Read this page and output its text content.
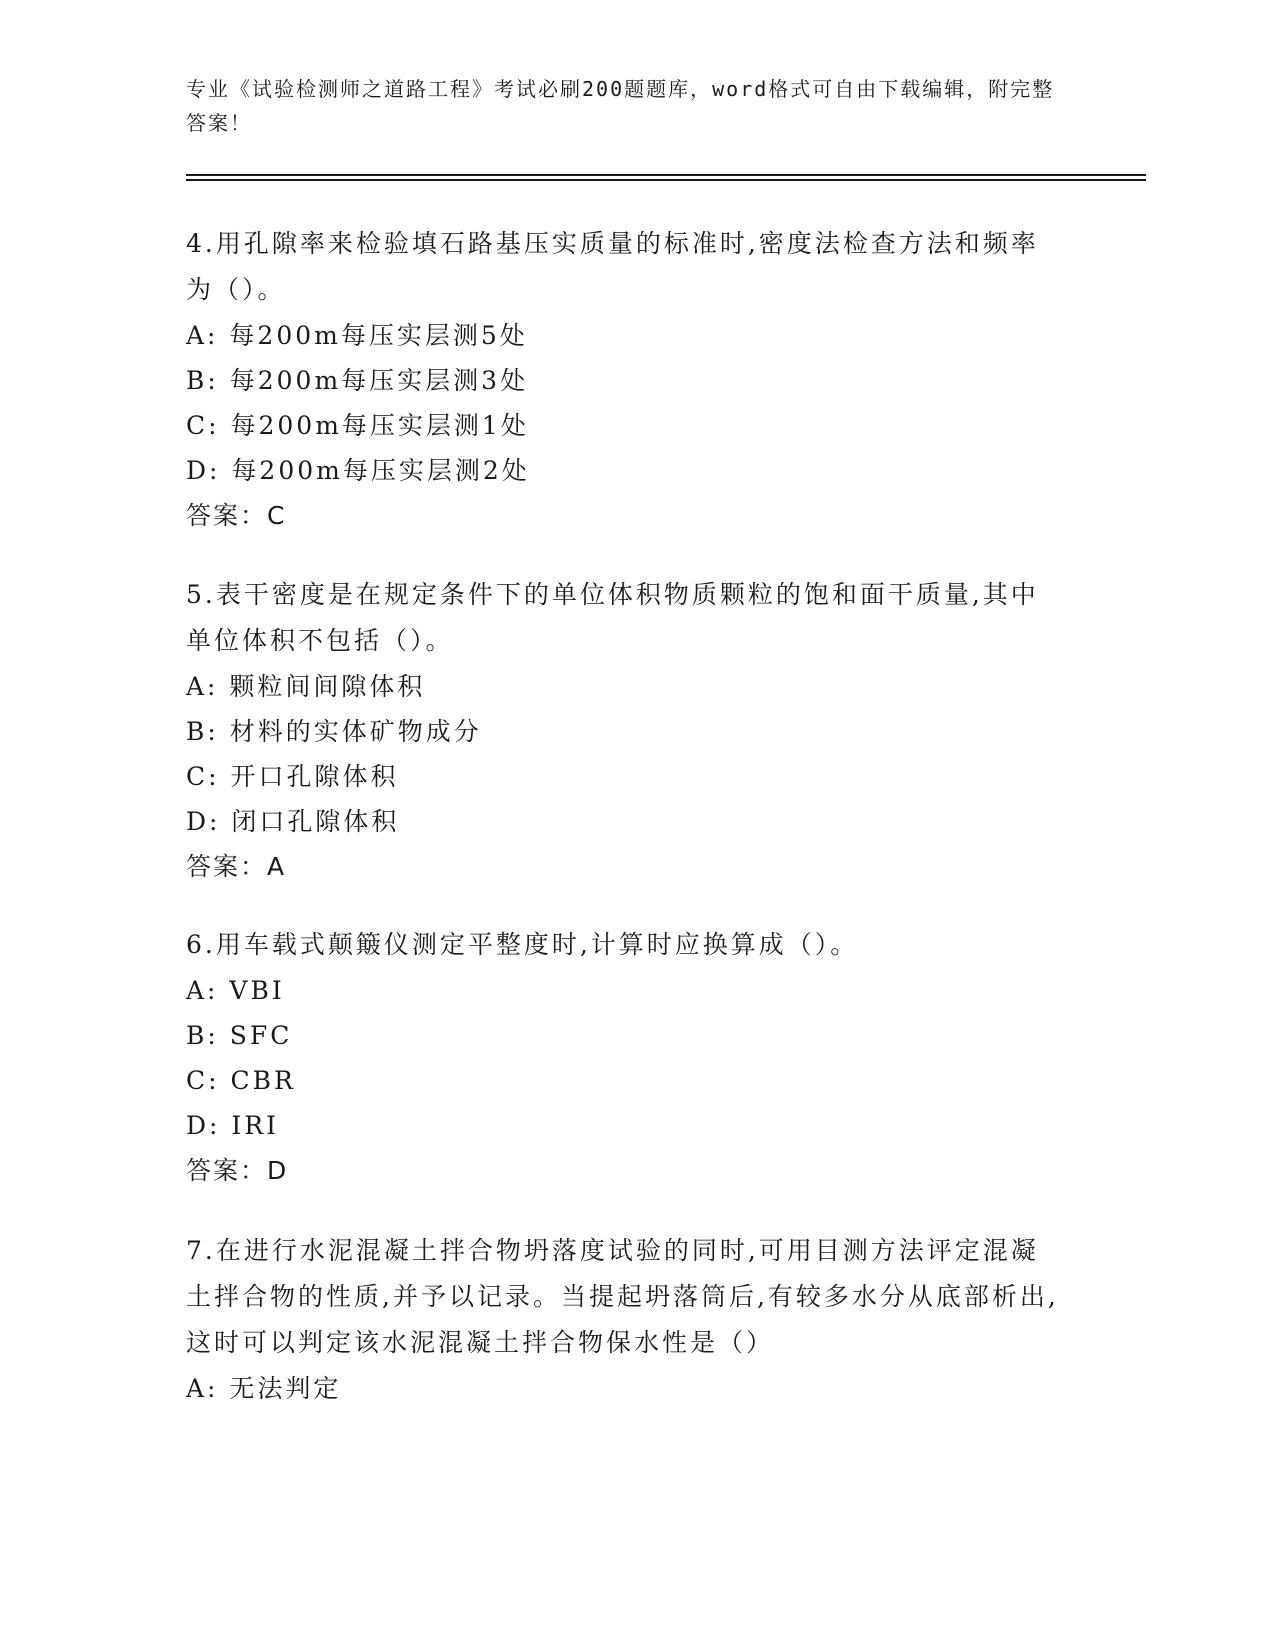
专业《试验检测师之道路工程》考试必刷200题题库，word格式可自由下载编辑，附完整答案！

4.用孔隙率来检验填石路基压实质量的标准时,密度法检查方法和频率为（）。

A: 每200m每压实层测5处

B: 每200m每压实层测3处

C: 每200m每压实层测1处

D: 每200m每压实层测2处

答案：C

5.表干密度是在规定条件下的单位体积物质颗粒的饱和面干质量,其中单位体积不包括（）。

A: 颗粒间间隙体积

B: 材料的实体矿物成分

C: 开口孔隙体积

D: 闭口孔隙体积

答案：A

6.用车载式颠簸仪测定平整度时,计算时应换算成（）。

A: VBI

B: SFC

C: CBR

D: IRI

答案：D

7.在进行水泥混凝土拌合物坍落度试验的同时,可用目测方法评定混凝土拌合物的性质,并予以记录。当提起坍落筒后,有较多水分从底部析出,这时可以判定该水泥混凝土拌合物保水性是（）

A: 无法判定
